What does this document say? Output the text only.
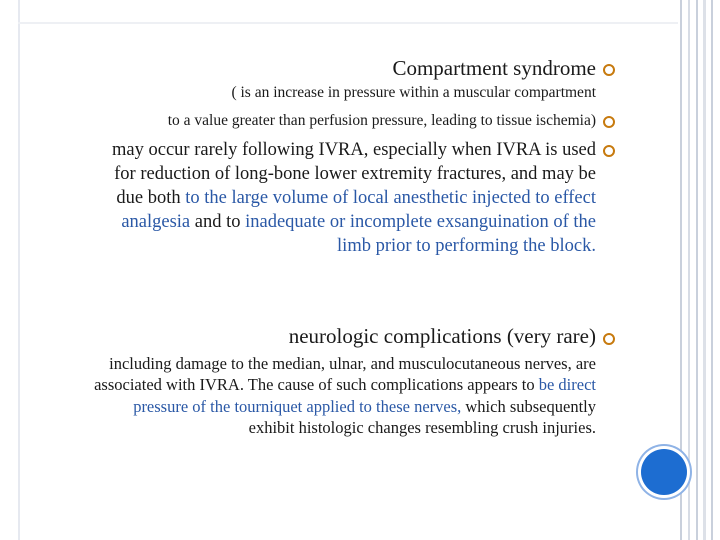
Compartment syndrome
( is an increase in pressure within a muscular compartment
to a value greater than perfusion pressure, leading to tissue ischemia)
may occur rarely following IVRA, especially when IVRA is used
for reduction of long-bone lower extremity fractures, and may be
due both to the large volume of local anesthetic injected to effect
analgesia and to inadequate or incomplete exsanguination of the
limb prior to performing the block.
neurologic complications (very rare)
including damage to the median, ulnar, and musculocutaneous nerves, are
associated with IVRA. The cause of such complications appears to be direct
pressure of the tourniquet applied to these nerves, which subsequently
exhibit histologic changes resembling crush injuries.
